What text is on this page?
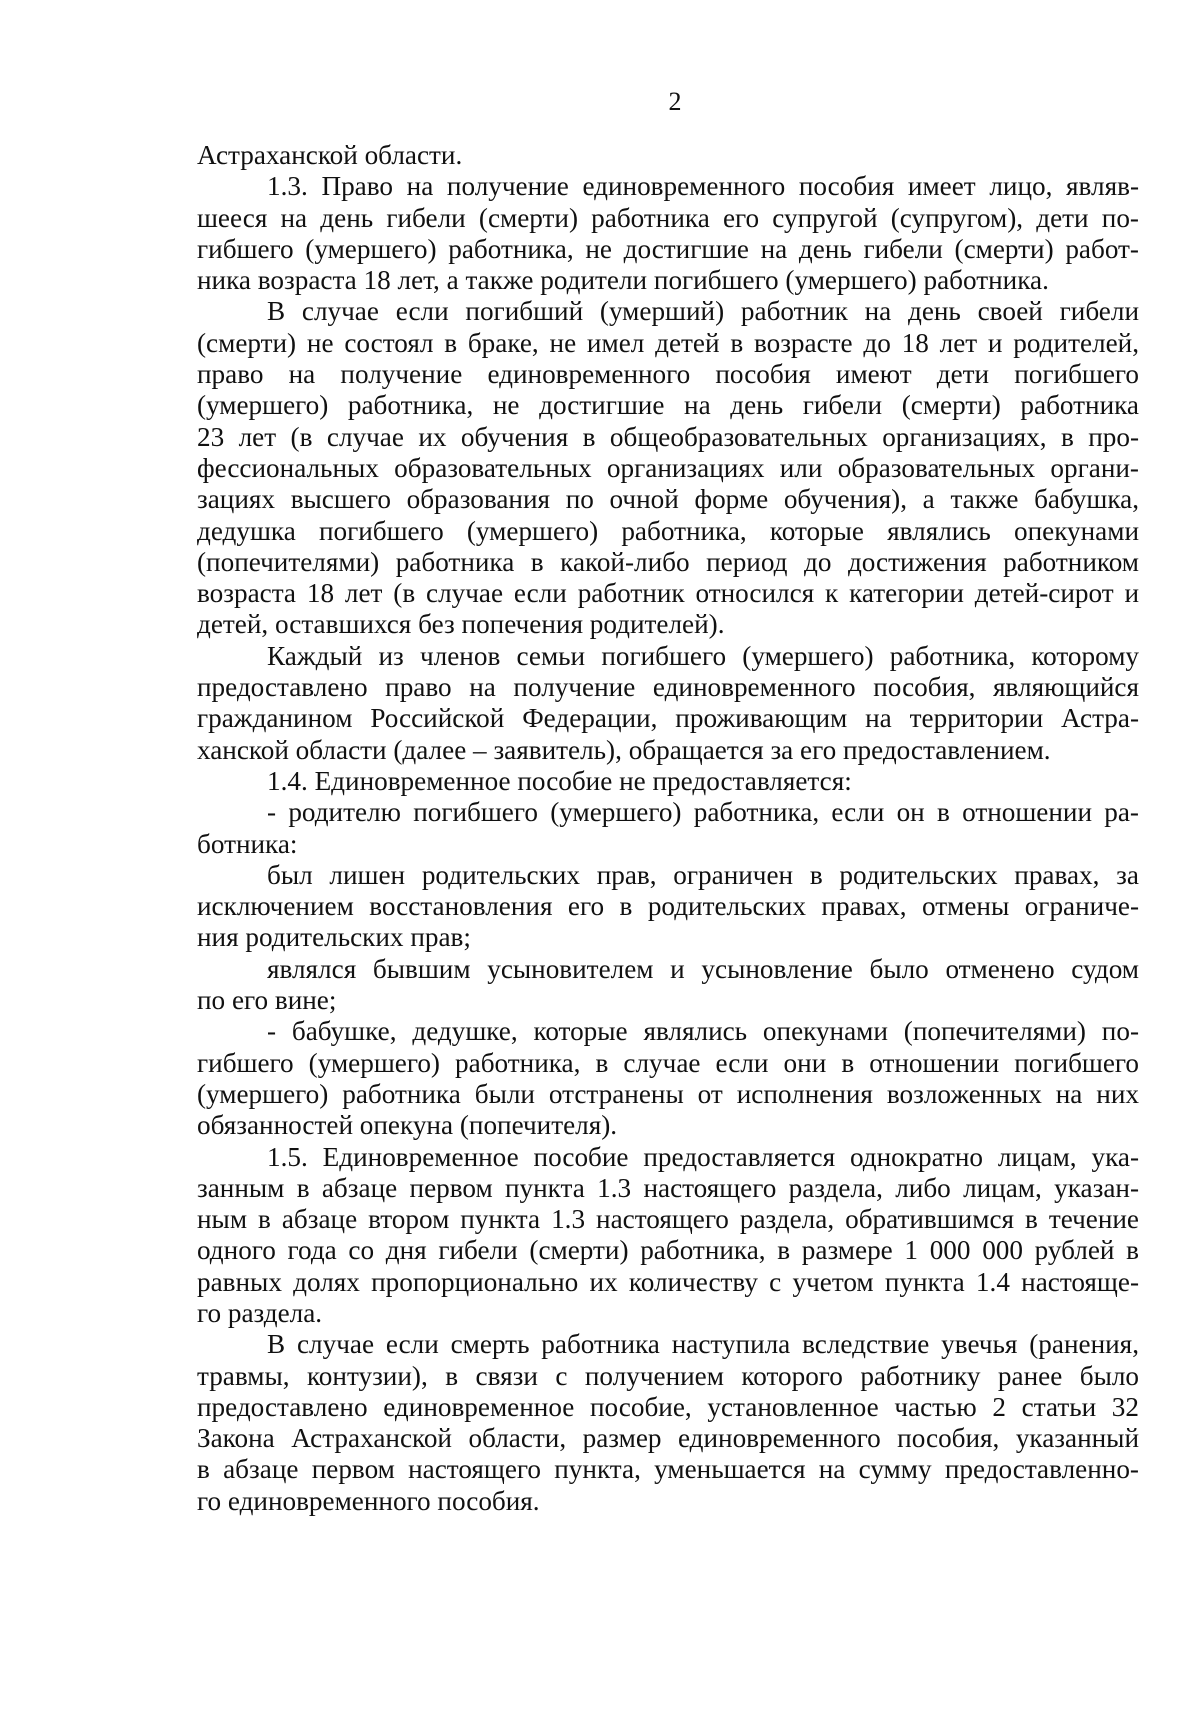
2
Астраханской области.
1.3. Право на получение единовременного пособия имеет лицо, являв-
шееся на день гибели (смерти) работника его супругой (супругом), дети по-
гибшего (умершего) работника, не достигшие на день гибели (смерти) работ-
ника возраста 18 лет, а также родители погибшего (умершего) работника.
В случае если погибший (умерший) работник на день своей гибели
(смерти) не состоял в браке, не имел детей в возрасте до 18 лет и родителей,
право на получение единовременного пособия имеют дети погибшего
(умершего) работника, не достигшие на день гибели (смерти) работника
23 лет (в случае их обучения в общеобразовательных организациях, в про-
фессиональных образовательных организациях или образовательных органи-
зациях высшего образования по очной форме обучения), а также бабушка,
дедушка погибшего (умершего) работника, которые являлись опекунами
(попечителями) работника в какой-либо период до достижения работником
возраста 18 лет (в случае если работник относился к категории детей-сирот и
детей, оставшихся без попечения родителей).
Каждый из членов семьи погибшего (умершего) работника, которому
предоставлено право на получение единовременного пособия, являющийся
гражданином Российской Федерации, проживающим на территории Астра-
ханской области (далее – заявитель), обращается за его предоставлением.
1.4. Единовременное пособие не предоставляется:
- родителю погибшего (умершего) работника, если он в отношении ра-
ботника:
был лишен родительских прав, ограничен в родительских правах, за
исключением восстановления его в родительских правах, отмены ограниче-
ния родительских прав;
являлся бывшим усыновителем и усыновление было отменено судом
по его вине;
- бабушке, дедушке, которые являлись опекунами (попечителями) по-
гибшего (умершего) работника, в случае если они в отношении погибшего
(умершего) работника были отстранены от исполнения возложенных на них
обязанностей опекуна (попечителя).
1.5. Единовременное пособие предоставляется однократно лицам, ука-
занным в абзаце первом пункта 1.3 настоящего раздела, либо лицам, указан-
ным в абзаце втором пункта 1.3 настоящего раздела, обратившимся в течение
одного года со дня гибели (смерти) работника, в размере 1 000 000 рублей в
равных долях пропорционально их количеству с учетом пункта 1.4 настояще-
го раздела.
В случае если смерть работника наступила вследствие увечья (ранения,
травмы, контузии), в связи с получением которого работнику ранее было
предоставлено единовременное пособие, установленное частью 2 статьи 32
Закона Астраханской области, размер единовременного пособия, указанный
в абзаце первом настоящего пункта, уменьшается на сумму предоставленно-
го единовременного пособия.
